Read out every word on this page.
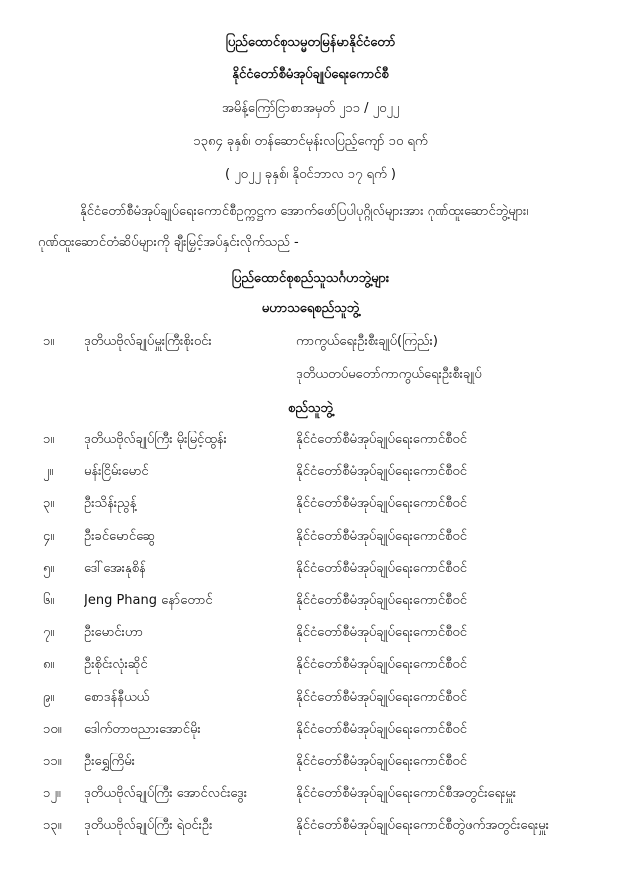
ပြည်ထောင်စုသမ္မတမြန်မာနိုင်ငံတော်
နိုင်ငံတော်စီမံအုပ်ချုပ်ရေးကောင်စီ
အမိန့်ကြော်ငြာစာအမှတ် ၂၁၁ / ၂၀၂၂
၁၃၈၄ ခုနှစ်၊ တန်ဆောင်မုန်းလပြည့်ကျော် ၁၀ ရက်
( ၂၀၂၂ ခုနှစ်၊ နိုဝင်ဘာလ ၁၇ ရက် )
နိုင်ငံတော်စီမံအုပ်ချုပ်ရေးကောင်စီဥက္ကဋ္ဌက အောက်ဖော်ပြပါပုဂ္ဂိုလ်များအား ဂုဏ်ထူးဆောင်ဘွဲ့များ၊ ဂုဏ်ထူးဆောင်တံဆိပ်များကို ချီးမြှင့်အပ်နှင်းလိုက်သည် -
ပြည်ထောင်စုစည်သူသင်္ဂဟဘွဲ့များ
မဟာသရေစည်သူဘွဲ့
၁။	ဒုတိယဗိုလ်ချုပ်မှူးကြီးစိုးဝင်း	ကာကွယ်ရေးဦးစီးချုပ်(ကြည်း)
ဒုတိယတပ်မတော်ကာကွယ်ရေးဦးစီးချုပ်
စည်သူဘွဲ့
၁။	ဒုတိယဗိုလ်ချုပ်ကြီး မိုးမြင့်ထွန်း	နိုင်ငံတော်စီမံအုပ်ချုပ်ရေးကောင်စီဝင်
၂။	မန်းငြိမ်းမောင်	နိုင်ငံတော်စီမံအုပ်ချုပ်ရေးကောင်စီဝင်
၃။	ဦးသိန်းညွန့်	နိုင်ငံတော်စီမံအုပ်ချုပ်ရေးကောင်စီဝင်
၄။	ဦးခင်မောင်ဆွေ	နိုင်ငံတော်စီမံအုပ်ချုပ်ရေးကောင်စီဝင်
၅။	ဒေါ်အေးနုစိန်	နိုင်ငံတော်စီမံအုပ်ချုပ်ရေးကောင်စီဝင်
၆။	Jeng Phang နော်တောင်	နိုင်ငံတော်စီမံအုပ်ချုပ်ရေးကောင်စီဝင်
၇။	ဦးမောင်းဟာ	နိုင်ငံတော်စီမံအုပ်ချုပ်ရေးကောင်စီဝင်
၈။	ဦးစိုင်းလုံးဆိုင်	နိုင်ငံတော်စီမံအုပ်ချုပ်ရေးကောင်စီဝင်
၉။	စောဒန်နီယယ်	နိုင်ငံတော်စီမံအုပ်ချုပ်ရေးကောင်စီဝင်
၁၀။	ဒေါက်တာဗညားအောင်မိုး	နိုင်ငံတော်စီမံအုပ်ချုပ်ရေးကောင်စီဝင်
၁၁။	ဦးရွှေကြိမ်း	နိုင်ငံတော်စီမံအုပ်ချုပ်ရေးကောင်စီဝင်
၁၂။	ဒုတိယဗိုလ်ချုပ်ကြီး အောင်လင်းဒွေး	နိုင်ငံတော်စီမံအုပ်ချုပ်ရေးကောင်စီအတွင်းရေးမှူး
၁၃။	ဒုတိယဗိုလ်ချုပ်ကြီး ရဲဝင်းဦး	နိုင်ငံတော်စီမံအုပ်ချုပ်ရေးကောင်စီတွဲဖက်အတွင်းရေးမှူး
